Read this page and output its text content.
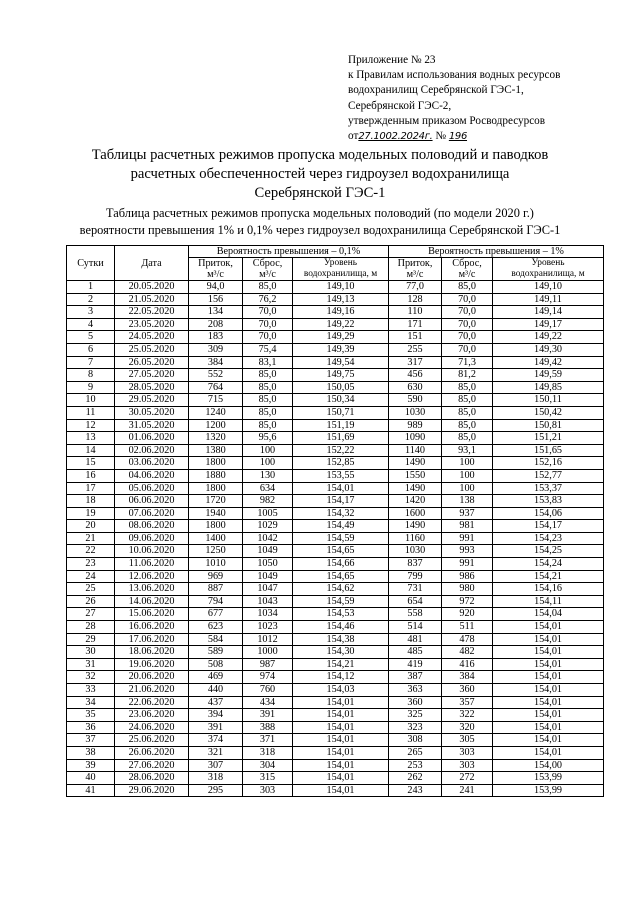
Приложение № 23
к Правилам использования водных ресурсов
водохранилищ Серебрянской ГЭС-1,
Серебрянской ГЭС-2,
утвержденным приказом Росводресурсов
от27.1002.2024г. № 196
Таблицы расчетных режимов пропуска модельных половодий и паводков
расчетных обеспеченностей через гидроузел водохранилища
Серебрянской ГЭС-1
Таблица расчетных режимов пропуска модельных половодий (по модели 2020 г.)
вероятности превышения 1% и 0,1% через гидроузел водохранилища Серебрянской ГЭС-1
Сутки	Дата	Вероятность превышения – 0,1%			Вероятность превышения – 1%		
		Приток,
м³/с	Сброс,
м³/с	Уровень
водохранилища, м	Приток,
м³/с	Сброс,
м³/с	Уровень
водохранилища, м
1	20.05.2020	94,0	85,0	149,10	77,0	85,0	149,10
2	21.05.2020	156	76,2	149,13	128	70,0	149,11
3	22.05.2020	134	70,0	149,16	110	70,0	149,14
4	23.05.2020	208	70,0	149,22	171	70,0	149,17
5	24.05.2020	183	70,0	149,29	151	70,0	149,22
6	25.05.2020	309	75,4	149,39	255	70,0	149,30
7	26.05.2020	384	83,1	149,54	317	71,3	149,42
8	27.05.2020	552	85,0	149,75	456	81,2	149,59
9	28.05.2020	764	85,0	150,05	630	85,0	149,85
10	29.05.2020	715	85,0	150,34	590	85,0	150,11
11	30.05.2020	1240	85,0	150,71	1030	85,0	150,42
12	31.05.2020	1200	85,0	151,19	989	85,0	150,81
13	01.06.2020	1320	95,6	151,69	1090	85,0	151,21
14	02.06.2020	1380	100	152,22	1140	93,1	151,65
15	03.06.2020	1800	100	152,85	1490	100	152,16
16	04.06.2020	1880	130	153,55	1550	100	152,77
17	05.06.2020	1800	634	154,01	1490	100	153,37
18	06.06.2020	1720	982	154,17	1420	138	153,83
19	07.06.2020	1940	1005	154,32	1600	937	154,06
20	08.06.2020	1800	1029	154,49	1490	981	154,17
21	09.06.2020	1400	1042	154,59	1160	991	154,23
22	10.06.2020	1250	1049	154,65	1030	993	154,25
23	11.06.2020	1010	1050	154,66	837	991	154,24
24	12.06.2020	969	1049	154,65	799	986	154,21
25	13.06.2020	887	1047	154,62	731	980	154,16
26	14.06.2020	794	1043	154,59	654	972	154,11
27	15.06.2020	677	1034	154,53	558	920	154,04
28	16.06.2020	623	1023	154,46	514	511	154,01
29	17.06.2020	584	1012	154,38	481	478	154,01
30	18.06.2020	589	1000	154,30	485	482	154,01
31	19.06.2020	508	987	154,21	419	416	154,01
32	20.06.2020	469	974	154,12	387	384	154,01
33	21.06.2020	440	760	154,03	363	360	154,01
34	22.06.2020	437	434	154,01	360	357	154,01
35	23.06.2020	394	391	154,01	325	322	154,01
36	24.06.2020	391	388	154,01	323	320	154,01
37	25.06.2020	374	371	154,01	308	305	154,01
38	26.06.2020	321	318	154,01	265	303	154,01
39	27.06.2020	307	304	154,01	253	303	154,00
40	28.06.2020	318	315	154,01	262	272	153,99
41	29.06.2020	295	303	154,01	243	241	153,99
